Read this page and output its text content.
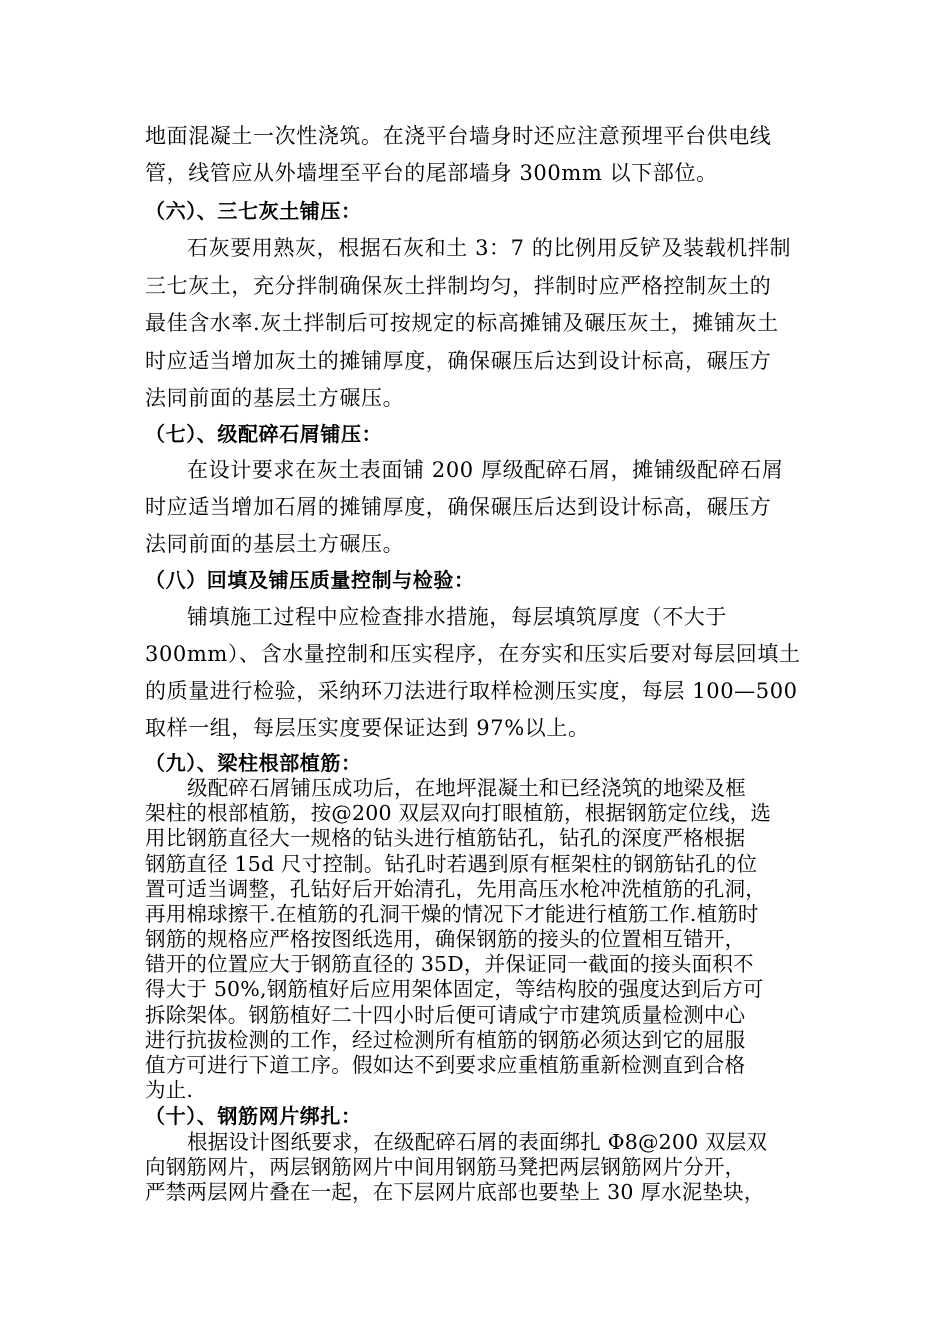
地面混凝土一次性浇筑。在浇平台墙身时还应注意预埋平台供电线
管，线管应从外墙埋至平台的尾部墙身 300mm 以下部位。
（六）、三七灰土铺压：
石灰要用熟灰，根据石灰和土 3：7 的比例用反铲及装载机拌制
三七灰土，充分拌制确保灰土拌制均匀，拌制时应严格控制灰土的
最佳含水率.灰土拌制后可按规定的标高摊铺及碾压灰土，摊铺灰土
时应适当增加灰土的摊铺厚度，确保碾压后达到设计标高，碾压方
法同前面的基层土方碾压。
（七）、级配碎石屑铺压：
在设计要求在灰土表面铺 200 厚级配碎石屑，摊铺级配碎石屑
时应适当增加石屑的摊铺厚度，确保碾压后达到设计标高，碾压方
法同前面的基层土方碾压。
（八）回填及铺压质量控制与检验：
铺填施工过程中应检查排水措施，每层填筑厚度（不大于
300mm）、含水量控制和压实程序，在夯实和压实后要对每层回填土
的质量进行检验，采纳环刀法进行取样检测压实度，每层 100—500
取样一组，每层压实度要保证达到 97%以上。
（九）、梁柱根部植筋：
级配碎石屑铺压成功后，在地坪混凝土和已经浇筑的地梁及框
架柱的根部植筋，按@200 双层双向打眼植筋，根据钢筋定位线，选
用比钢筋直径大一规格的钻头进行植筋钻孔，钻孔的深度严格根据
钢筋直径 15d 尺寸控制。钻孔时若遇到原有框架柱的钢筋钻孔的位
置可适当调整，孔钻好后开始清孔，先用高压水枪冲洗植筋的孔洞，
再用棉球擦干.在植筋的孔洞干燥的情况下才能进行植筋工作.植筋时
钢筋的规格应严格按图纸选用，确保钢筋的接头的位置相互错开，
错开的位置应大于钢筋直径的 35D，并保证同一截面的接头面积不
得大于 50%,钢筋植好后应用架体固定，等结构胶的强度达到后方可
拆除架体。钢筋植好二十四小时后便可请咸宁市建筑质量检测中心
进行抗拔检测的工作，经过检测所有植筋的钢筋必须达到它的屈服
值方可进行下道工序。假如达不到要求应重植筋重新检测直到合格
为止.
（十）、钢筋网片绑扎：
根据设计图纸要求，在级配碎石屑的表面绑扎 Φ8@200 双层双
向钢筋网片，两层钢筋网片中间用钢筋马凳把两层钢筋网片分开，
严禁两层网片叠在一起，在下层网片底部也要垫上 30 厚水泥垫块，
